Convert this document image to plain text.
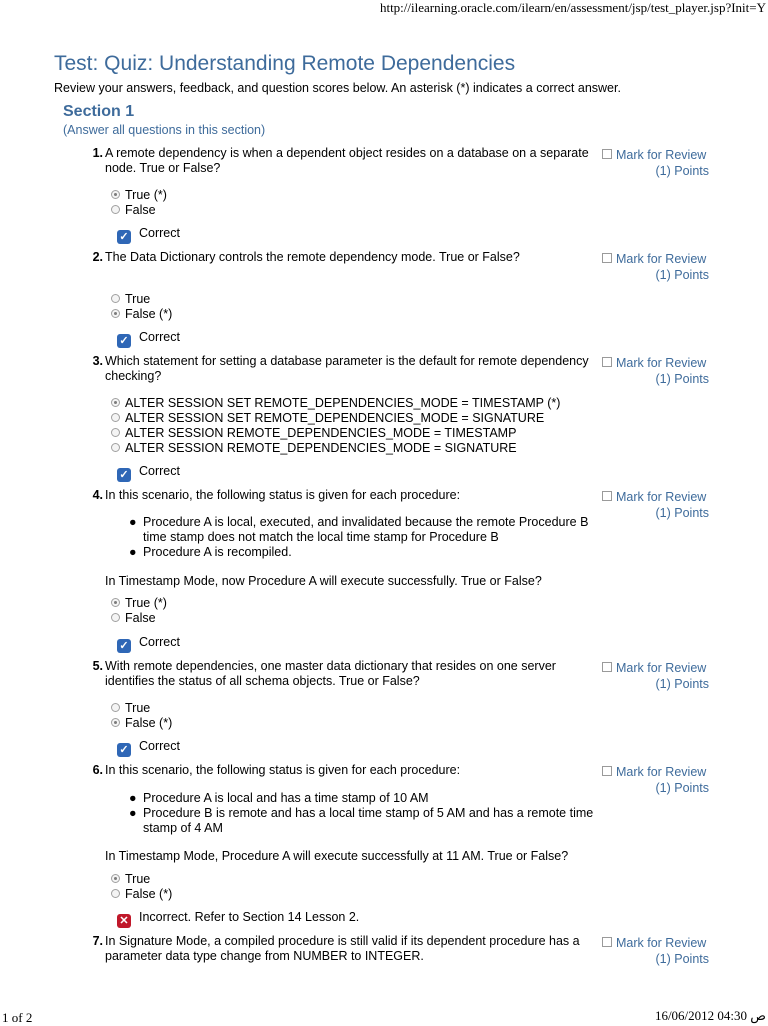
http://ilearning.oracle.com/ilearn/en/assessment/jsp/test_player.jsp?Init=Y
Test: Quiz: Understanding Remote Dependencies
Review your answers, feedback, and question scores below. An asterisk (*) indicates a correct answer.
Section 1
(Answer all questions in this section)
1. A remote dependency is when a dependent object resides on a database on a separate node. True or False?
Mark for Review
(1) Points
True (*)
False
✓ Correct
2. The Data Dictionary controls the remote dependency mode. True or False?	Mark for Review
(1) Points
True
False (*)
✓ Correct
3. Which statement for setting a database parameter is the default for remote dependency checking?
Mark for Review
(1) Points
ALTER SESSION SET REMOTE_DEPENDENCIES_MODE = TIMESTAMP (*)
ALTER SESSION SET REMOTE_DEPENDENCIES_MODE = SIGNATURE
ALTER SESSION REMOTE_DEPENDENCIES_MODE = TIMESTAMP
ALTER SESSION REMOTE_DEPENDENCIES_MODE = SIGNATURE
✓ Correct
4. In this scenario, the following status is given for each procedure:	Mark for Review
(1) Points
● Procedure A is local, executed, and invalidated because the remote Procedure B time stamp does not match the local time stamp for Procedure B
● Procedure A is recompiled.
In Timestamp Mode, now Procedure A will execute successfully. True or False?
True (*)
False
✓ Correct
5. With remote dependencies, one master data dictionary that resides on one server identifies the status of all schema objects. True or False?
Mark for Review
(1) Points
True
False (*)
✓ Correct
6. In this scenario, the following status is given for each procedure:	Mark for Review
(1) Points
● Procedure A is local and has a time stamp of 10 AM
● Procedure B is remote and has a local time stamp of 5 AM and has a remote time stamp of 4 AM
In Timestamp Mode, Procedure A will execute successfully at 11 AM. True or False?
True
False (*)
✕ Incorrect. Refer to Section 14 Lesson 2.
7. In Signature Mode, a compiled procedure is still valid if its dependent procedure has a parameter data type change from NUMBER to INTEGER.
Mark for Review
(1) Points
1 of 2	16/06/2012 04:30 ص
